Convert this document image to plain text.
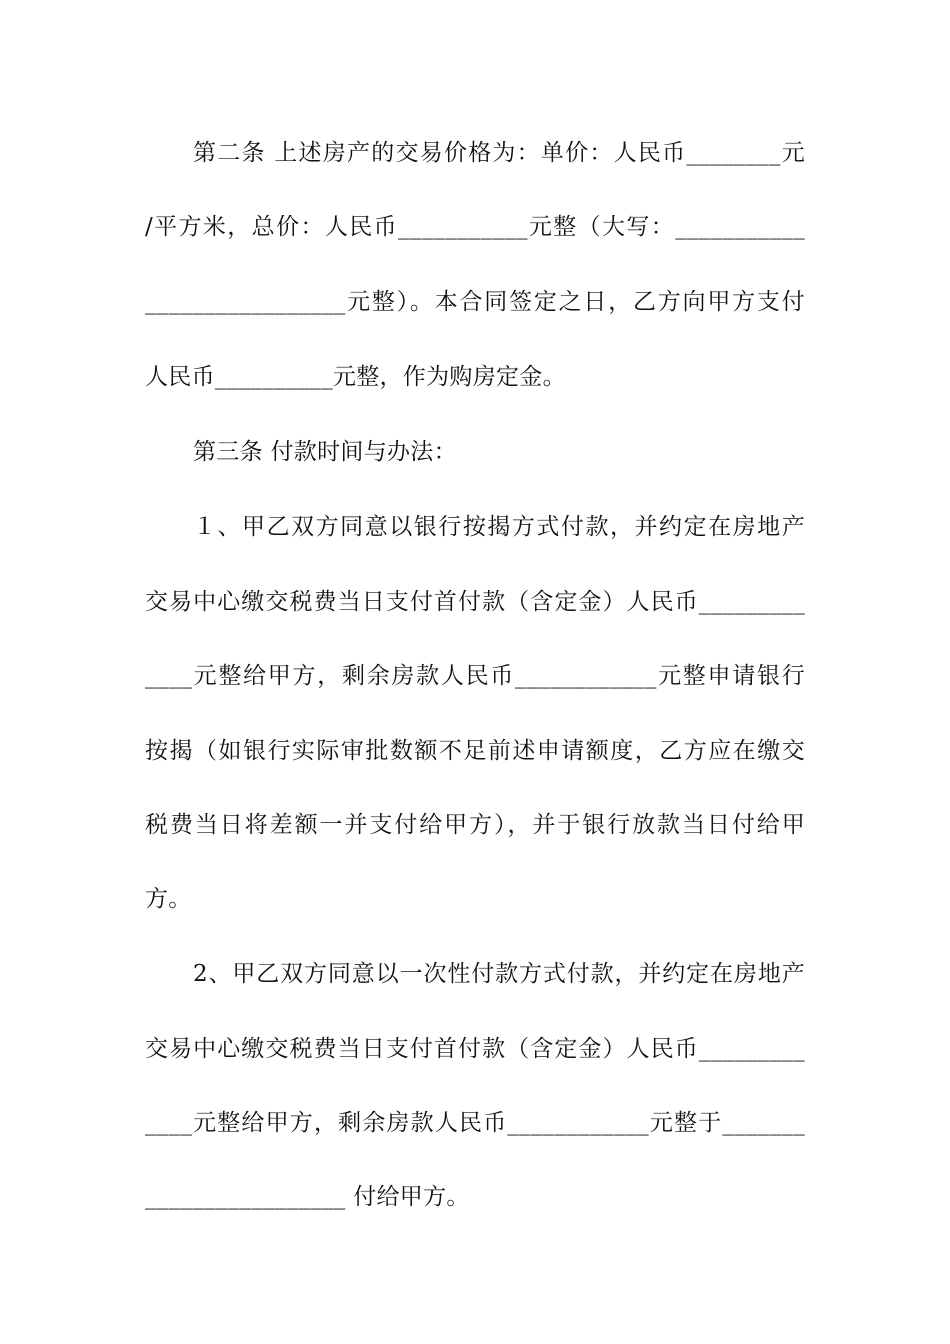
第二条 上述房产的交易价格为：单价：人民币________元
/平方米，总价：人民币___________元整（大写：___________
_________________元整）。本合同签定之日，乙方向甲方支付
人民币__________元整，作为购房定金。
第三条 付款时间与办法：
１、甲乙双方同意以银行按揭方式付款，并约定在房地产
交易中心缴交税费当日支付首付款（含定金）人民币_________
____元整给甲方，剩余房款人民币____________元整申请银行
按揭（如银行实际审批数额不足前述申请额度，乙方应在缴交
税费当日将差额一并支付给甲方），并于银行放款当日付给甲
方。
2、甲乙双方同意以一次性付款方式付款，并约定在房地产
交易中心缴交税费当日支付首付款（含定金）人民币_________
____元整给甲方，剩余房款人民币____________元整于_______
_________________ 付给甲方。
